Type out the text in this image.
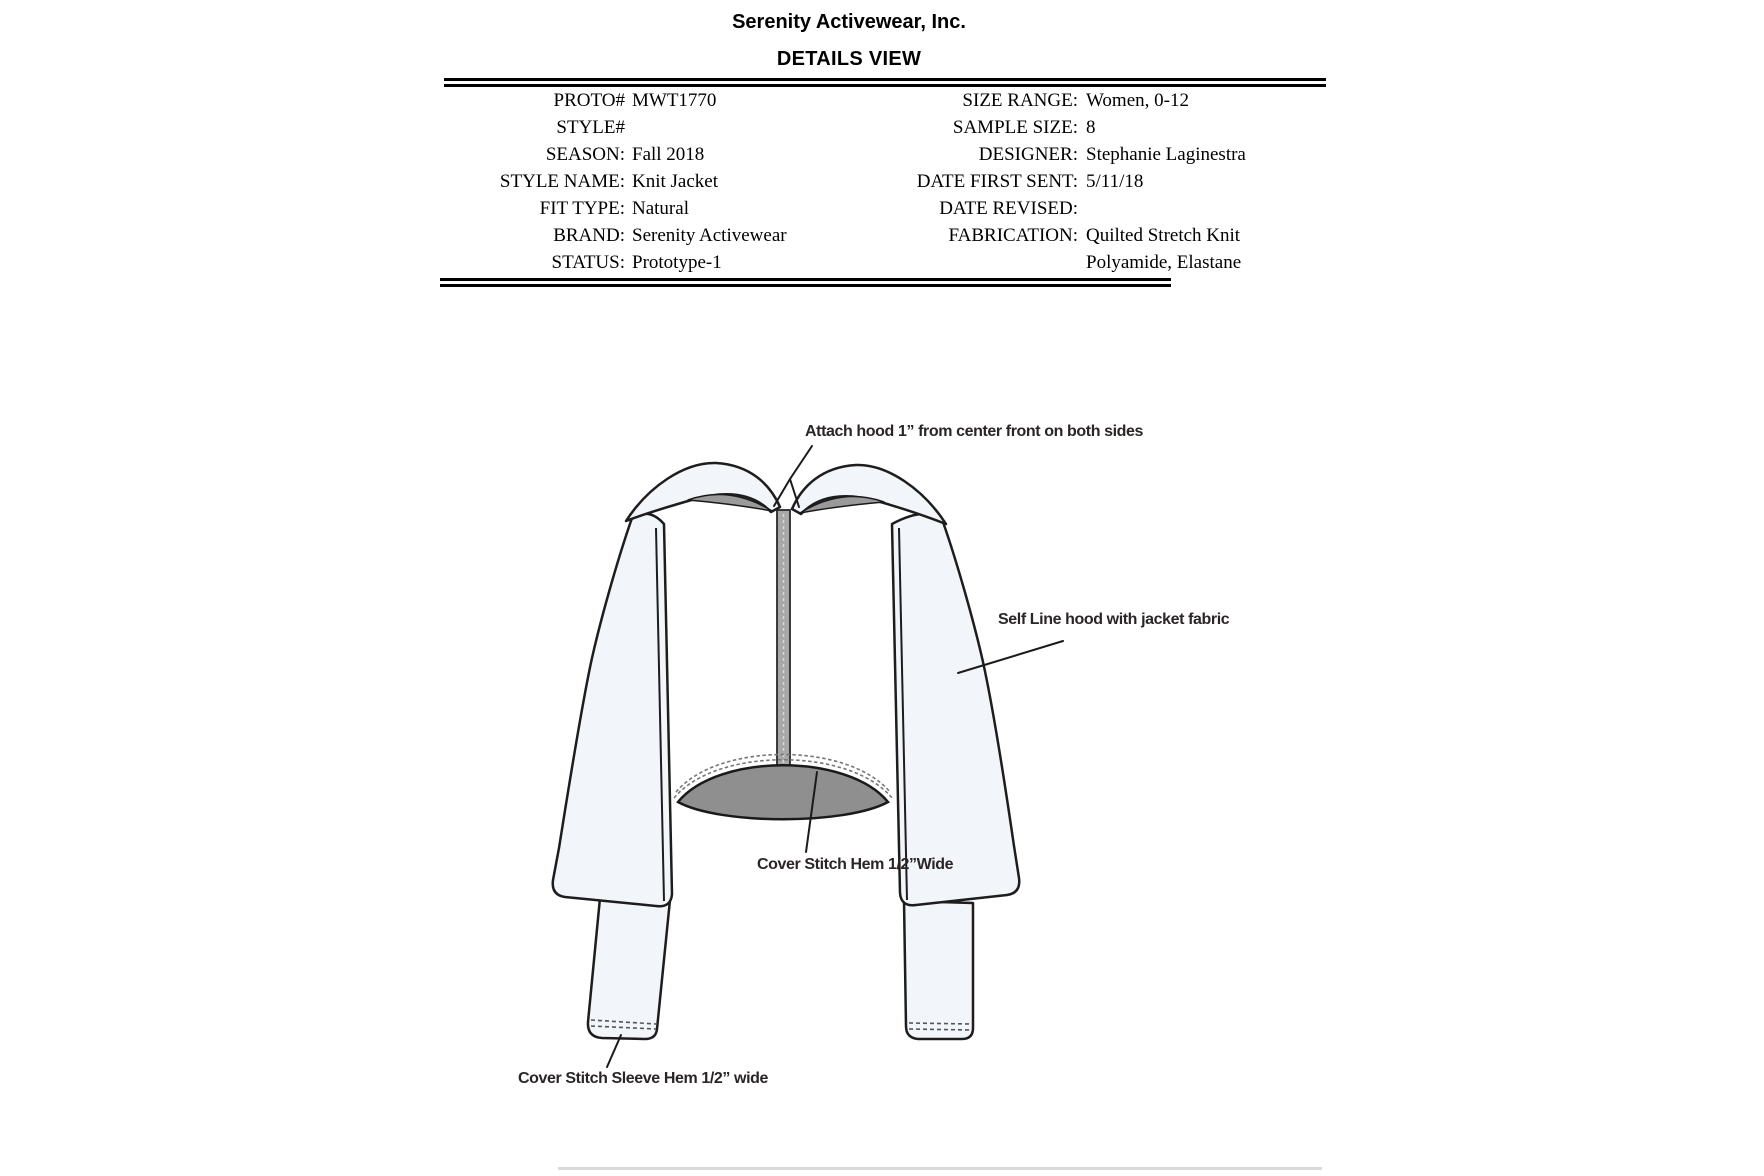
Serenity Activewear, Inc.
DETAILS VIEW
PROTO# MWT1770	SIZE RANGE: Women, 0-12
STYLE#	SAMPLE SIZE: 8
SEASON: Fall 2018	DESIGNER: Stephanie Laginestra
STYLE NAME: Knit Jacket	DATE FIRST SENT: 5/11/18
FIT TYPE: Natural	DATE REVISED:
BRAND: Serenity Activewear	FABRICATION: Quilted Stretch Knit
STATUS: Prototype-1	Polyamide, Elastane
Attach hood 1” from center front on both sides
Self Line hood with jacket fabric
Cover Stitch Hem 1/2”Wide
Cover Stitch Sleeve Hem 1/2” wide
